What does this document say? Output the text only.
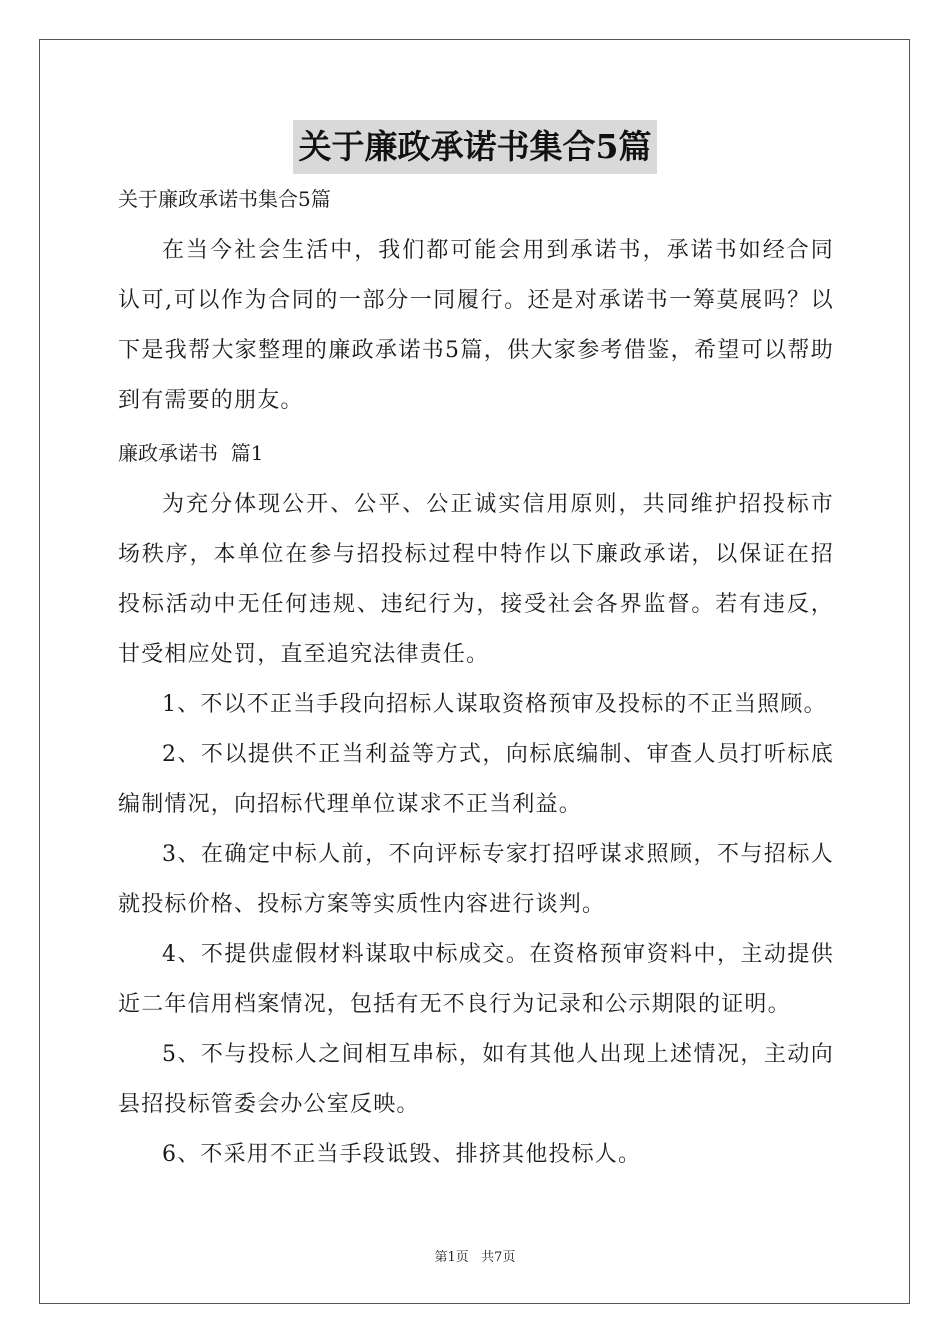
关于廉政承诺书集合5篇

关于廉政承诺书集合5篇

在当今社会生活中，我们都可能会用到承诺书，承诺书如经合同认可,可以作为合同的一部分一同履行。还是对承诺书一筹莫展吗？以下是我帮大家整理的廉政承诺书5篇，供大家参考借鉴，希望可以帮助到有需要的朋友。

廉政承诺书  篇1

为充分体现公开、公平、公正诚实信用原则，共同维护招投标市场秩序，本单位在参与招投标过程中特作以下廉政承诺，以保证在招投标活动中无任何违规、违纪行为，接受社会各界监督。若有违反，甘受相应处罚，直至追究法律责任。

1、不以不正当手段向招标人谋取资格预审及投标的不正当照顾。

2、不以提供不正当利益等方式，向标底编制、审查人员打听标底编制情况，向招标代理单位谋求不正当利益。

3、在确定中标人前，不向评标专家打招呼谋求照顾，不与招标人就投标价格、投标方案等实质性内容进行谈判。

4、不提供虚假材料谋取中标成交。在资格预审资料中，主动提供近二年信用档案情况，包括有无不良行为记录和公示期限的证明。

5、不与投标人之间相互串标，如有其他人出现上述情况，主动向县招投标管委会办公室反映。

6、不采用不正当手段诋毁、排挤其他投标人。

第1页   共7页
